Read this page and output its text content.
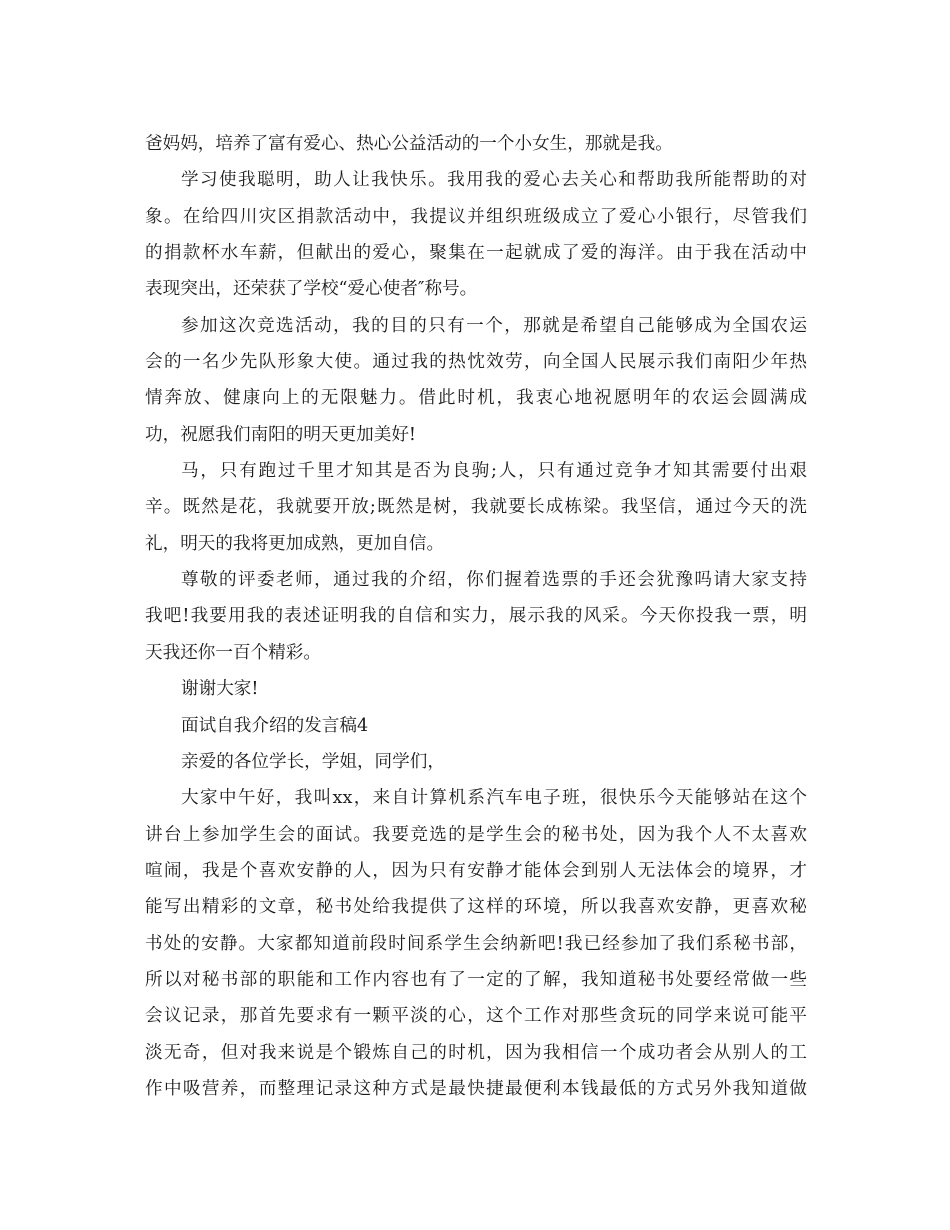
爸妈妈，培养了富有爱心、热心公益活动的一个小女生，那就是我。
学习使我聪明，助人让我快乐。我用我的爱心去关心和帮助我所能帮助的对
象。在给四川灾区捐款活动中，我提议并组织班级成立了爱心小银行，尽管我们
的捐款杯水车薪，但献出的爱心，聚集在一起就成了爱的海洋。由于我在活动中
表现突出，还荣获了学校“爱心使者″称号。
参加这次竞选活动，我的目的只有一个，那就是希望自己能够成为全国农运
会的一名少先队形象大使。通过我的热忱效劳，向全国人民展示我们南阳少年热
情奔放、健康向上的无限魅力。借此时机，我衷心地祝愿明年的农运会圆满成
功，祝愿我们南阳的明天更加美好!
马，只有跑过千里才知其是否为良驹;人，只有通过竞争才知其需要付出艰
辛。既然是花，我就要开放;既然是树，我就要长成栋梁。我坚信，通过今天的洗
礼，明天的我将更加成熟，更加自信。
尊敬的评委老师，通过我的介绍，你们握着选票的手还会犹豫吗请大家支持
我吧!我要用我的表述证明我的自信和实力，展示我的风采。今天你投我一票，明
天我还你一百个精彩。
谢谢大家!
面试自我介绍的发言稿4
亲爱的各位学长，学姐，同学们，
大家中午好，我叫xx，来自计算机系汽车电子班，很快乐今天能够站在这个
讲台上参加学生会的面试。我要竞选的是学生会的秘书处，因为我个人不太喜欢
喧闹，我是个喜欢安静的人，因为只有安静才能体会到别人无法体会的境界，才
能写出精彩的文章，秘书处给我提供了这样的环境，所以我喜欢安静，更喜欢秘
书处的安静。大家都知道前段时间系学生会纳新吧!我已经参加了我们系秘书部，
所以对秘书部的职能和工作内容也有了一定的了解，我知道秘书处要经常做一些
会议记录，那首先要求有一颗平淡的心，这个工作对那些贪玩的同学来说可能平
淡无奇，但对我来说是个锻炼自己的时机，因为我相信一个成功者会从别人的工
作中吸营养，而整理记录这种方式是最快捷最便利本钱最低的方式另外我知道做
